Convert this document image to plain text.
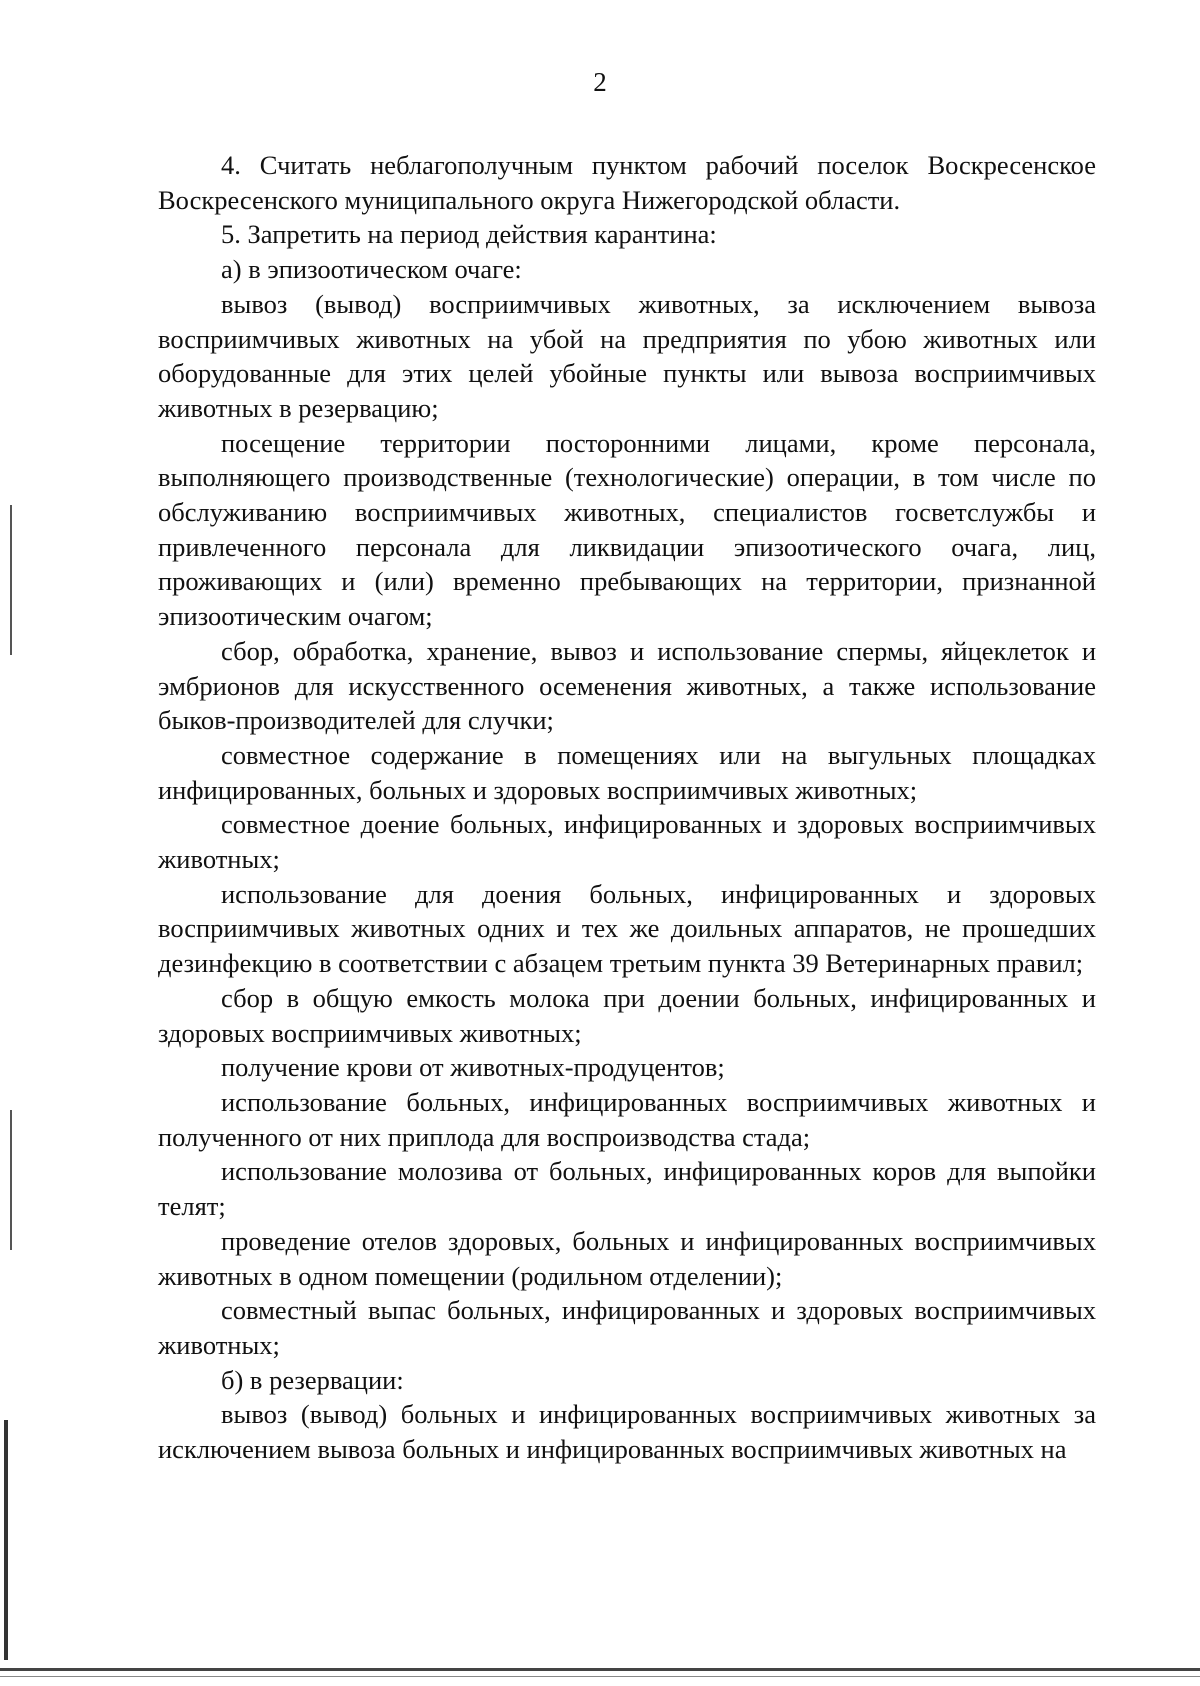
2

4. Считать неблагополучным пунктом рабочий поселок Воскресенское Воскресенского муниципального округа Нижегородской области.

5. Запретить на период действия карантина:

а) в эпизоотическом очаге:

вывоз (вывод) восприимчивых животных, за исключением вывоза восприимчивых животных на убой на предприятия по убою животных или оборудованные для этих целей убойные пункты или вывоза восприимчивых животных в резервацию;

посещение территории посторонними лицами, кроме персонала, выполняющего производственные (технологические) операции, в том числе по обслуживанию восприимчивых животных, специалистов госветслужбы и привлеченного персонала для ликвидации эпизоотического очага, лиц, проживающих и (или) временно пребывающих на территории, признанной эпизоотическим очагом;

сбор, обработка, хранение, вывоз и использование спермы, яйцеклеток и эмбрионов для искусственного осеменения животных, а также использование быков-производителей для случки;

совместное содержание в помещениях или на выгульных площадках инфицированных, больных и здоровых восприимчивых животных;

совместное доение больных, инфицированных и здоровых восприимчивых животных;

использование для доения больных, инфицированных и здоровых восприимчивых животных одних и тех же доильных аппаратов, не прошедших дезинфекцию в соответствии с абзацем третьим пункта 39 Ветеринарных правил;

сбор в общую емкость молока при доении больных, инфицированных и здоровых восприимчивых животных;

получение крови от животных-продуцентов;

использование больных, инфицированных восприимчивых животных и полученного от них приплода для воспроизводства стада;

использование молозива от больных, инфицированных коров для выпойки телят;

проведение отелов здоровых, больных и инфицированных восприимчивых животных в одном помещении (родильном отделении);

совместный выпас больных, инфицированных и здоровых восприимчивых животных;

б) в резервации:

вывоз (вывод) больных и инфицированных восприимчивых животных за исключением вывоза больных и инфицированных восприимчивых животных на
